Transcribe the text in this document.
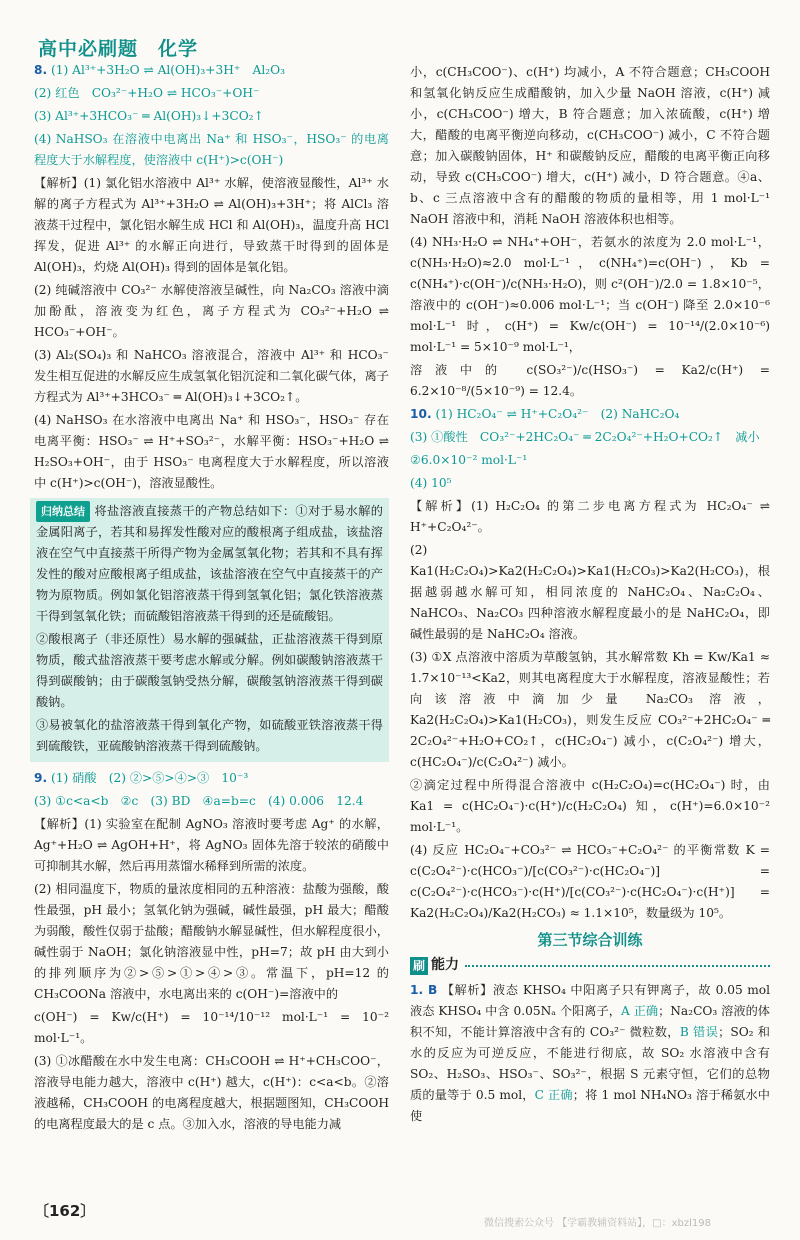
高中必刷题　化学

8. (1) Al³⁺+3H₂O ⇌ Al(OH)₃+3H⁺　Al₂O₃

(2) 红色　CO₃²⁻+H₂O ⇌ HCO₃⁻+OH⁻

(3) Al³⁺+3HCO₃⁻ ═ Al(OH)₃↓+3CO₂↑

(4) NaHSO₃ 在溶液中电离出 Na⁺ 和 HSO₃⁻，HSO₃⁻ 的电离程度大于水解程度，使溶液中 c(H⁺)>c(OH⁻)

【解析】(1) 氯化铝水溶液中 Al³⁺ 水解，使溶液显酸性，Al³⁺ 水解的离子方程式为 Al³⁺+3H₂O ⇌ Al(OH)₃+3H⁺；将 AlCl₃ 溶液蒸干过程中，氯化铝水解生成 HCl 和 Al(OH)₃，温度升高 HCl 挥发，促进 Al³⁺ 的水解正向进行，导致蒸干时得到的固体是 Al(OH)₃，灼烧 Al(OH)₃ 得到的固体是氧化铝。

(2) 纯碱溶液中 CO₃²⁻ 水解使溶液呈碱性，向 Na₂CO₃ 溶液中滴加酚酞，溶液变为红色，离子方程式为 CO₃²⁻+H₂O ⇌ HCO₃⁻+OH⁻。

(3) Al₂(SO₄)₃ 和 NaHCO₃ 溶液混合，溶液中 Al³⁺ 和 HCO₃⁻ 发生相互促进的水解反应生成氢氧化铝沉淀和二氧化碳气体，离子方程式为 Al³⁺+3HCO₃⁻ ═ Al(OH)₃↓+3CO₂↑。

(4) NaHSO₃ 在水溶液中电离出 Na⁺ 和 HSO₃⁻，HSO₃⁻ 存在电离平衡：HSO₃⁻ ⇌ H⁺+SO₃²⁻，水解平衡：HSO₃⁻+H₂O ⇌ H₂SO₃+OH⁻，由于 HSO₃⁻ 电离程度大于水解程度，所以溶液中 c(H⁺)>c(OH⁻)，溶液显酸性。

归纳总结 将盐溶液直接蒸干的产物总结如下：①对于易水解的金属阳离子，若其和易挥发性酸对应的酸根离子组成盐，该盐溶液在空气中直接蒸干所得产物为金属氢氧化物；若其和不具有挥发性的酸对应酸根离子组成盐，该盐溶液在空气中直接蒸干的产物为原物质。例如氯化铝溶液蒸干得到氢氧化铝；氯化铁溶液蒸干得到氢氧化铁；而硫酸铝溶液蒸干得到的还是硫酸铝。

②酸根离子（非还原性）易水解的强碱盐，正盐溶液蒸干得到原物质，酸式盐溶液蒸干要考虑水解或分解。例如碳酸钠溶液蒸干得到碳酸钠；由于碳酸氢钠受热分解，碳酸氢钠溶液蒸干得到碳酸钠。

③易被氧化的盐溶液蒸干得到氧化产物，如硫酸亚铁溶液蒸干得到硫酸铁，亚硫酸钠溶液蒸干得到硫酸钠。

9. (1) 硝酸　(2) ②>⑤>④>③　10⁻³

(3) ①c<a<b　②c　(3) BD　④a=b=c　(4) 0.006　12.4

【解析】(1) 实验室在配制 AgNO₃ 溶液时要考虑 Ag⁺ 的水解，Ag⁺+H₂O ⇌ AgOH+H⁺，将 AgNO₃ 固体先溶于较浓的硝酸中可抑制其水解，然后再用蒸馏水稀释到所需的浓度。

(2) 相同温度下，物质的量浓度相同的五种溶液：盐酸为强酸，酸性最强，pH 最小；氢氧化钠为强碱，碱性最强，pH 最大；醋酸为弱酸，酸性仅弱于盐酸；醋酸钠水解显碱性，但水解程度很小，碱性弱于 NaOH；氯化钠溶液显中性，pH=7；故 pH 由大到小的排列顺序为②>⑤>①>④>③。常温下，pH=12 的 CH₃COONa 溶液中，水电离出来的 c(OH⁻)=溶液中的

c(OH⁻) = Kw/c(H⁺) = 10⁻¹⁴/10⁻¹² mol·L⁻¹ = 10⁻² mol·L⁻¹。

(3) ①冰醋酸在水中发生电离：CH₃COOH ⇌ H⁺+CH₃COO⁻，溶液导电能力越大，溶液中 c(H⁺) 越大，c(H⁺)：c<a<b。②溶液越稀，CH₃COOH 的电离程度越大，根据题图知，CH₃COOH 的电离程度最大的是 c 点。③加入水，溶液的导电能力减

小，c(CH₃COO⁻)、c(H⁺) 均减小，A 不符合题意；CH₃COOH 和氢氧化钠反应生成醋酸钠，加入少量 NaOH 溶液，c(H⁺) 减小，c(CH₃COO⁻) 增大，B 符合题意；加入浓硫酸，c(H⁺) 增大，醋酸的电离平衡逆向移动，c(CH₃COO⁻) 减小，C 不符合题意；加入碳酸钠固体，H⁺ 和碳酸钠反应，醋酸的电离平衡正向移动，导致 c(CH₃COO⁻) 增大，c(H⁺) 减小，D 符合题意。④a、b、c 三点溶液中含有的醋酸的物质的量相等，用 1 mol·L⁻¹ NaOH 溶液中和，消耗 NaOH 溶液体积也相等。

(4) NH₃·H₂O ⇌ NH₄⁺+OH⁻，若氨水的浓度为 2.0 mol·L⁻¹，c(NH₃·H₂O)≈2.0 mol·L⁻¹，c(NH₄⁺)=c(OH⁻)，Kb = c(NH₄⁺)·c(OH⁻)/c(NH₃·H₂O)，则 c²(OH⁻)/2.0 = 1.8×10⁻⁵，溶液中的 c(OH⁻)≈0.006 mol·L⁻¹；当 c(OH⁻) 降至 2.0×10⁻⁶ mol·L⁻¹ 时，c(H⁺) = Kw/c(OH⁻) = 10⁻¹⁴/(2.0×10⁻⁶) mol·L⁻¹ = 5×10⁻⁹ mol·L⁻¹，

溶液中的 c(SO₃²⁻)/c(HSO₃⁻) = Ka2/c(H⁺) = 6.2×10⁻⁸/(5×10⁻⁹) = 12.4。

10. (1) HC₂O₄⁻ ⇌ H⁺+C₂O₄²⁻　(2) NaHC₂O₄

(3) ①酸性　CO₃²⁻+2HC₂O₄⁻ ═ 2C₂O₄²⁻+H₂O+CO₂↑　减小

②6.0×10⁻² mol·L⁻¹

(4) 10⁵

【解析】(1) H₂C₂O₄ 的第二步电离方程式为 HC₂O₄⁻ ⇌ H⁺+C₂O₄²⁻。

(2) Ka1(H₂C₂O₄)>Ka2(H₂C₂O₄)>Ka1(H₂CO₃)>Ka2(H₂CO₃)，根据越弱越水解可知，相同浓度的 NaHC₂O₄、Na₂C₂O₄、NaHCO₃、Na₂CO₃ 四种溶液水解程度最小的是 NaHC₂O₄，即碱性最弱的是 NaHC₂O₄ 溶液。

(3) ①X 点溶液中溶质为草酸氢钠，其水解常数 Kh = Kw/Ka1 ≈ 1.7×10⁻¹³<Ka2，则其电离程度大于水解程度，溶液显酸性；若向该溶液中滴加少量 Na₂CO₃ 溶液，Ka2(H₂C₂O₄)>Ka1(H₂CO₃)，则发生反应 CO₃²⁻+2HC₂O₄⁻ ═ 2C₂O₄²⁻+H₂O+CO₂↑，c(HC₂O₄⁻) 减小，c(C₂O₄²⁻) 增大，c(HC₂O₄⁻)/c(C₂O₄²⁻) 减小。

②滴定过程中所得混合溶液中 c(H₂C₂O₄)=c(HC₂O₄⁻) 时，由 Ka1 = c(HC₂O₄⁻)·c(H⁺)/c(H₂C₂O₄) 知，c(H⁺)=6.0×10⁻² mol·L⁻¹。

(4) 反应 HC₂O₄⁻+CO₃²⁻ ⇌ HCO₃⁻+C₂O₄²⁻ 的平衡常数 K = c(C₂O₄²⁻)·c(HCO₃⁻)/[c(CO₃²⁻)·c(HC₂O₄⁻)] = c(C₂O₄²⁻)·c(HCO₃⁻)·c(H⁺)/[c(CO₃²⁻)·c(HC₂O₄⁻)·c(H⁺)] = Ka2(H₂C₂O₄)/Ka2(H₂CO₃) ≈ 1.1×10⁵，数量级为 10⁵。

第三节综合训练
刷 能力

1. B 【解析】液态 KHSO₄ 中阳离子只有钾离子，故 0.05 mol 液态 KHSO₄ 中含 0.05Nₐ 个阳离子，A 正确；Na₂CO₃ 溶液的体积不知，不能计算溶液中含有的 CO₃²⁻ 微粒数，B 错误；SO₂ 和水的反应为可逆反应，不能进行彻底，故 SO₂ 水溶液中含有 SO₂、H₂SO₃、HSO₃⁻、SO₃²⁻，根据 S 元素守恒，它们的总物质的量等于 0.5 mol，C 正确；将 1 mol NH₄NO₃ 溶于稀氨水中使

〔162〕
微信搜索公众号 【学霸教辅资料站】，□：xbzl198
